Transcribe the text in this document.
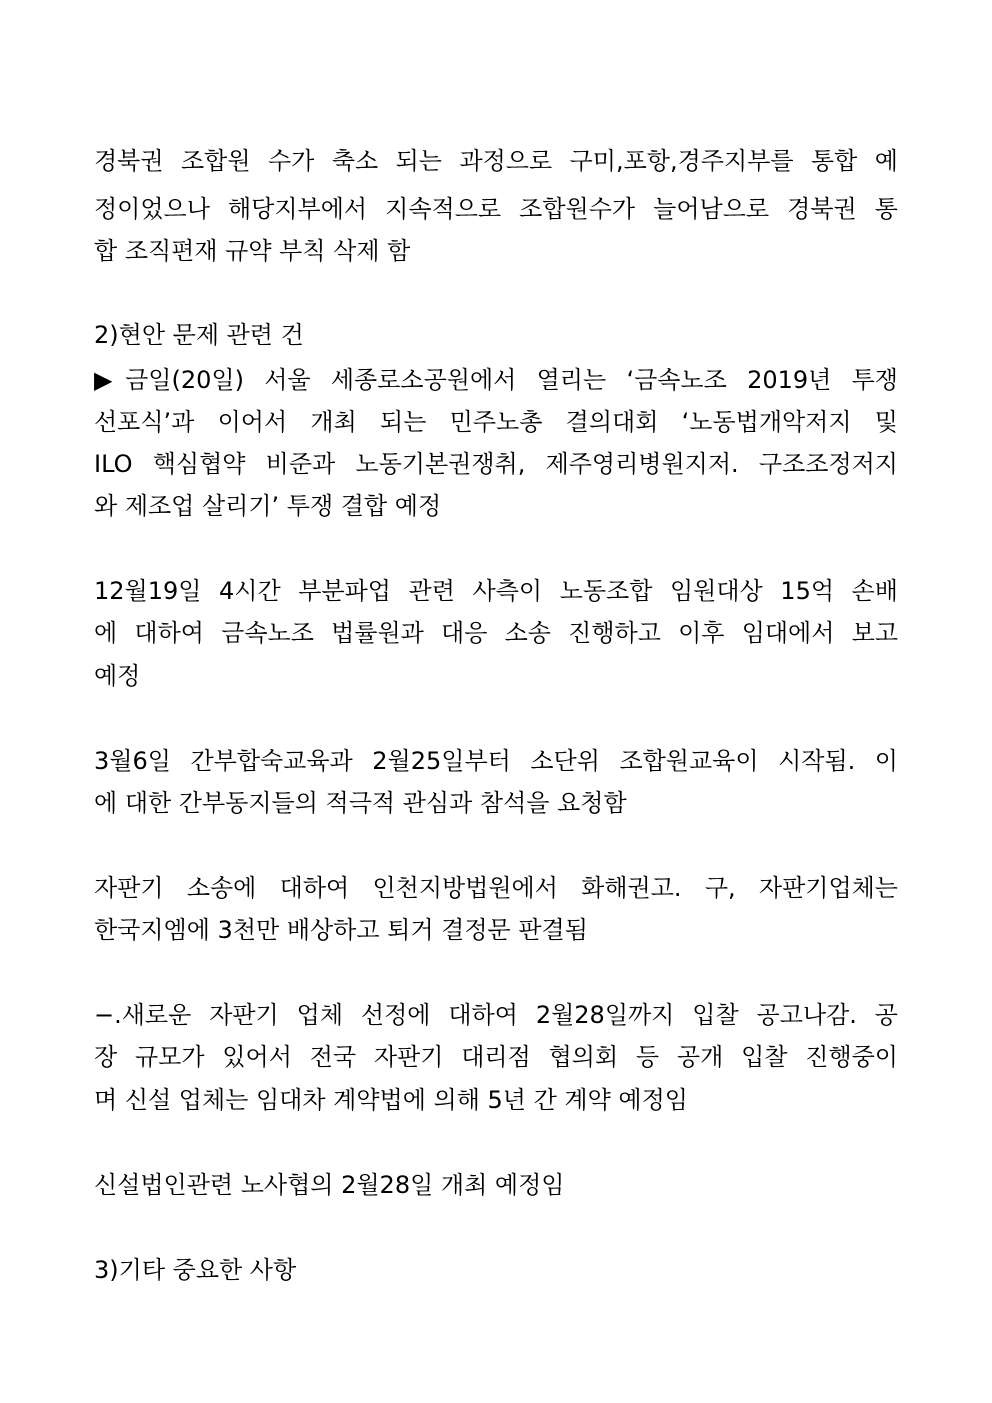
경북권 조합원 수가 축소 되는 과정으로 구미,포항,경주지부를 통합 예
정이었으나 해당지부에서 지속적으로 조합원수가 늘어남으로 경북권 통
합 조직편재 규약 부칙 삭제 함
2)현안 문제 관련 건
▶금일(20일) 서울 세종로소공원에서 열리는 ‘금속노조 2019년 투쟁
선포식’과 이어서 개최 되는 민주노총 결의대회 ‘노동법개악저지 및
ILO 핵심협약 비준과 노동기본권쟁취, 제주영리병원지저. 구조조정저지
와 제조업 살리기’ 투쟁 결합 예정
12월19일 4시간 부분파업 관련 사측이 노동조합 임원대상 15억 손배
에 대하여 금속노조 법률원과 대응 소송 진행하고 이후 임대에서 보고
예정
3월6일 간부합숙교육과 2월25일부터 소단위 조합원교육이 시작됨. 이
에 대한 간부동지들의 적극적 관심과 참석을 요청함
자판기 소송에 대하여 인천지방법원에서 화해권고. 구, 자판기업체는
한국지엠에 3천만 배상하고 퇴거 결정문 판결됨
−.새로운 자판기 업체 선정에 대하여 2월28일까지 입찰 공고나감. 공
장 규모가 있어서 전국 자판기 대리점 협의회 등 공개 입찰 진행중이
며 신설 업체는 임대차 계약법에 의해 5년 간 계약 예정임
신설법인관련 노사협의 2월28일 개최 예정임
3)기타 중요한 사항
